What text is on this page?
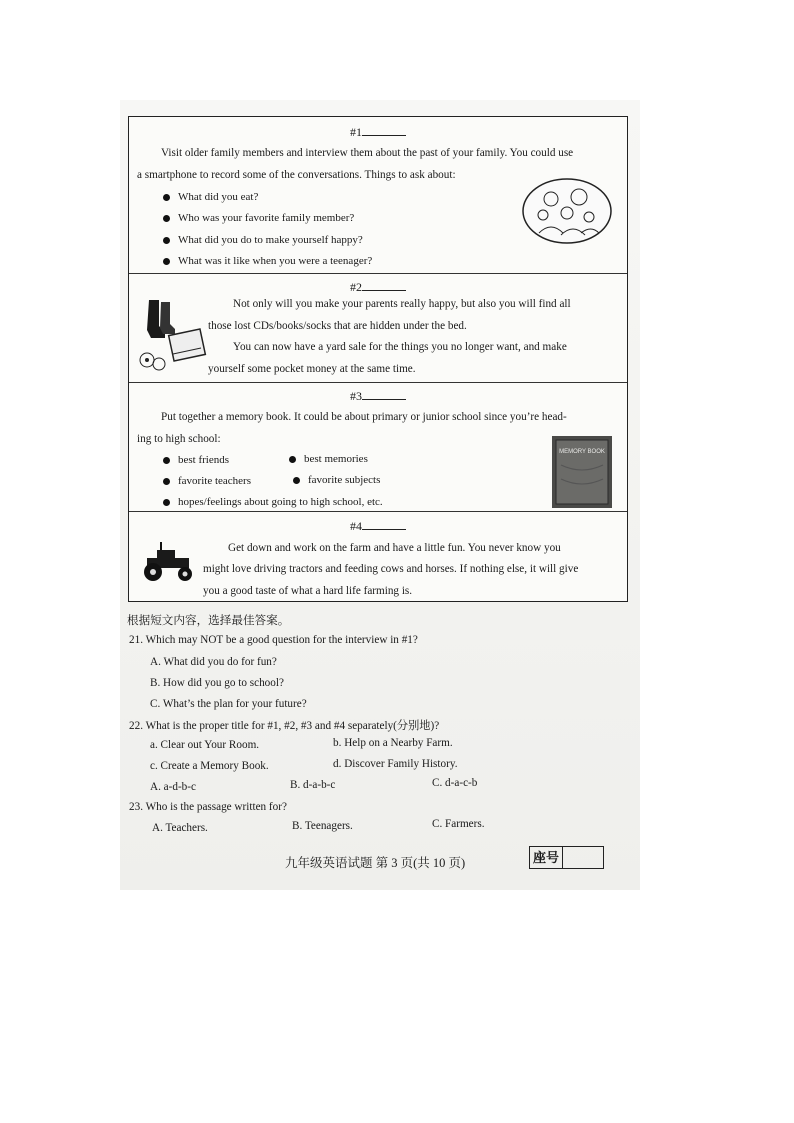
#1
Visit older family members and interview them about the past of your family. You could use
a smartphone to record some of the conversations. Things to ask about:
What did you eat?
Who was your favorite family member?
What did you do to make yourself happy?
What was it like when you were a teenager?
#2
Not only will you make your parents really happy, but also you will find all
those lost CDs/books/socks that are hidden under the bed.
You can now have a yard sale for the things you no longer want, and make
yourself some pocket money at the same time.
#3
Put together a memory book. It could be about primary or junior school since you’re head-
ing to high school:
best friends	best memories
favorite teachers	favorite subjects
hopes/feelings about going to high school, etc.
MEMORY BOOK
#4
Get down and work on the farm and have a little fun. You never know you
might love driving tractors and feeding cows and horses. If nothing else, it will give
you a good taste of what a hard life farming is.
根据短文内容，选择最佳答案。
21. Which may NOT be a good question for the interview in #1?
A. What did you do for fun?
B. How did you go to school?
C. What’s the plan for your future?
22. What is the proper title for #1, #2, #3 and #4 separately(分别地)?
a. Clear out Your Room.	b. Help on a Nearby Farm.
c. Create a Memory Book.	d. Discover Family History.
A. a-d-b-c	B. d-a-b-c	C. d-a-c-b
23. Who is the passage written for?
A. Teachers.	B. Teenagers.	C. Farmers.
九年级英语试题 第 3 页(共 10 页)	座号
